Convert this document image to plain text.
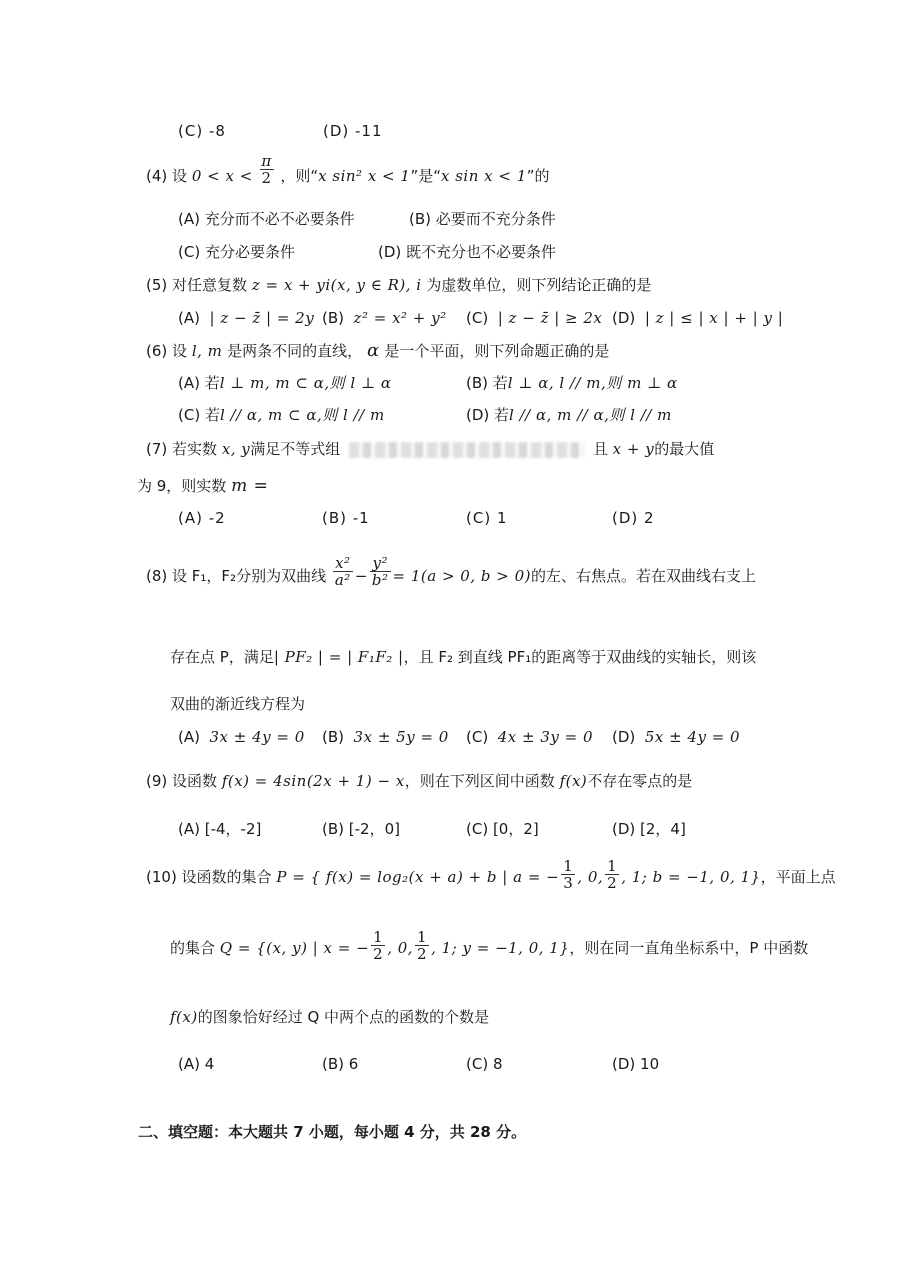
(C) -8	(D) -11
(4) 设 $0 < x < \frac{\pi}{2}$ ，则“x sin² x < 1”是“x sin x < 1”的
(A) 充分而不必不必要条件	(B) 必要而不充分条件
(C) 充分必要条件	(D) 既不充分也不必要条件
(5) 对任意复数 z = x + yi(x, y ∈ R), i 为虚数单位，则下列结论正确的是
(A) | z − z̄ | = 2y (B) z² = x² + y² (C) | z − z̄ | ≥ 2x (D) | z | ≤ | x | + | y |
(6) 设 l, m 是两条不同的直线， α 是一个平面，则下列命题正确的是
(A) 若l ⊥ m, m ⊂ α,则 l ⊥ α	(B) 若l ⊥ α, l // m,则 m ⊥ α
(C) 若l // α, m ⊂ α,则 l // m	(D) 若l // α, m // α,则 l // m
(7) 若实数 x, y满足不等式组	且 x + y的最大值
为 9，则实数 m =
(A) -2	(B) -1	(C) 1	(D) 2
(8) 设 F₁，F₂分别为双曲线 $\frac{\text{x²}}{\text{a²}} - \frac{\text{y²}}{\text{b²}} = 1(a > 0$, b > 0)的左、右焦点。若在双曲线右支上
存在点 P，满足| PF₂ | = | F₁F₂ |，且 F₂ 到直线 PF₁的距离等于双曲线的实轴长，则该
双曲的渐近线方程为
(A) 3x ± 4y = 0 (B) 3x ± 5y = 0 (C) 4x ± 3y = 0 (D) 5x ± 4y = 0
(9) 设函数 f(x) = 4sin(2x + 1) − x，则在下列区间中函数 f(x)不存在零点的是
(A) [-4，-2]	(B) [-2，0]	(C) [0，2]	(D) [2，4]
(10) 设函数的集合 P = { f(x) = log₂(x + a) + b | a = − $\frac{1}{3}$ , 0, $\frac{1}{2}$ , 1; b = −1, 0, 1}，平面上点
的集合 Q = {(x, y) | x = − $\frac{1}{2}$ , 0, $\frac{1}{2}$ , 1; y = −1, 0, 1}，则在同一直角坐标系中，P 中函数
f(x)的图象恰好经过 Q 中两个点的函数的个数是
(A) 4	(B) 6	(C) 8	(D) 10
二、填空题：本大题共 7 小题，每小题 4 分，共 28 分。
